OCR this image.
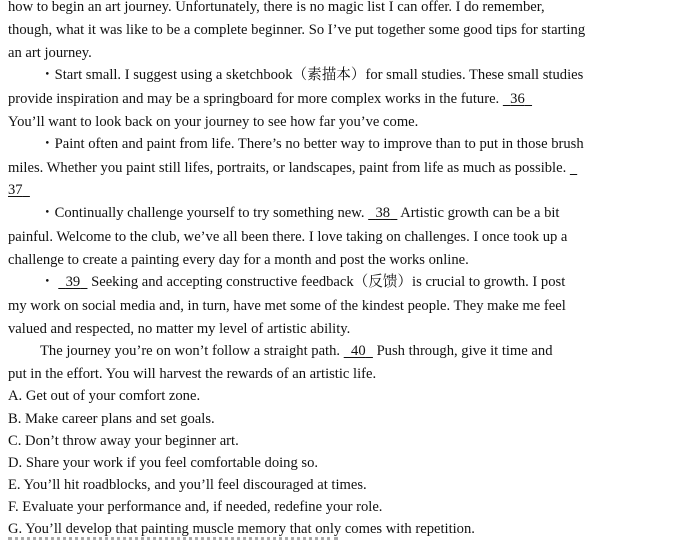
how to begin an art journey. Unfortunately, there is no magic list I can offer. I do remember,
though, what it was like to be a complete beginner. So I’ve put together some good tips for starting
an art journey.
・Start small. I suggest using a sketchbook（素描本）for small studies. These small studies
provide inspiration and may be a springboard for more complex works in the future. 36
You’ll want to look back on your journey to see how far you’ve come.
・Paint often and paint from life. There’s no better way to improve than to put in those brush
miles. Whether you paint still lifes, portraits, or landscapes, paint from life as much as possible.
37
・Continually challenge yourself to try something new. 38 Artistic growth can be a bit
painful. Welcome to the club, we’ve all been there. I love taking on challenges. I once took up a
challenge to create a painting every day for a month and post the works online.
・ 39 Seeking and accepting constructive feedback（反馈）is crucial to growth. I post
my work on social media and, in turn, have met some of the kindest people. They make me feel
valued and respected, no matter my level of artistic ability.
The journey you’re on won’t follow a straight path. 40 Push through, give it time and
put in the effort. You will harvest the rewards of an artistic life.
A. Get out of your comfort zone.
B. Make career plans and set goals.
C. Don’t throw away your beginner art.
D. Share your work if you feel comfortable doing so.
E. You’ll hit roadblocks, and you’ll feel discouraged at times.
F. Evaluate your performance and, if needed, redefine your role.
G. You’ll develop that painting muscle memory that only comes with repetition.
